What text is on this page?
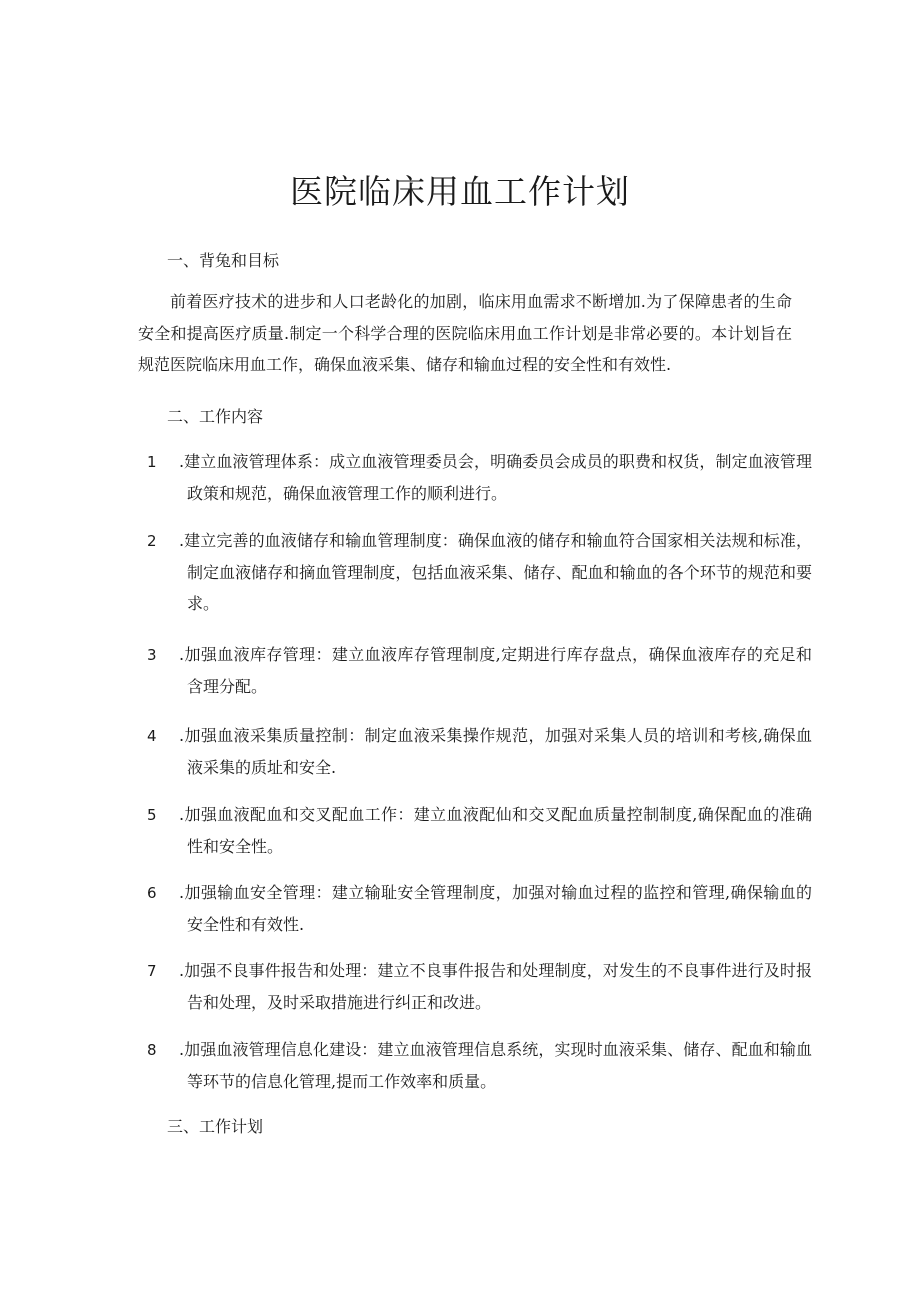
医院临床用血工作计划

一、背兔和目标

前着医疗技术的进步和人口老龄化的加剧，临床用血需求不断增加.为了保障患者的生命安全和提高医疗质量.制定一个科学合理的医院临床用血工作计划是非常必要的。本计划旨在规范医院临床用血工作，确保血液采集、储存和输血过程的安全性和有效性.

二、工作内容

1 .建立血液管理体系：成立血液管理委员会，明确委员会成员的职费和权货，制定血液管理政策和规范，确保血液管理工作的顺利进行。
2 .建立完善的血液储存和输血管理制度：确保血液的储存和输血符合国家相关法规和标准，制定血液储存和摘血管理制度，包括血液采集、储存、配血和输血的各个环节的规范和要求。
3 .加强血液库存管理：建立血液库存管理制度,定期进行库存盘点，确保血液库存的充足和含理分配。
4 .加强血液采集质量控制：制定血液采集操作规范，加强对采集人员的培训和考核,确保血液采集的质址和安全.
5 .加强血液配血和交叉配血工作：建立血液配仙和交叉配血质量控制制度,确保配血的准确性和安全性。
6 .加强输血安全管理：建立输耻安全管理制度，加强对输血过程的监控和管理,确保输血的安全性和有效性.
7 .加强不良事件报告和处理：建立不良事件报告和处理制度，对发生的不良事件进行及时报告和处理，及时采取措施进行纠正和改进。
8 .加强血液管理信息化建设：建立血液管理信息系统，实现时血液采集、储存、配血和输血等环节的信息化管理,提而工作效率和质量。

三、工作计划
